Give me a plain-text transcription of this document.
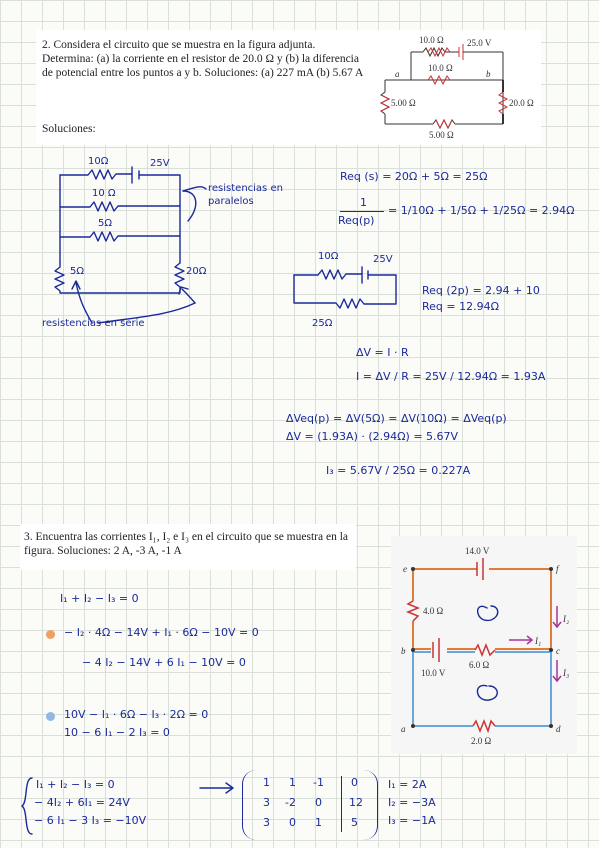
2. Considera el circuito que se muestra en la figura adjunta. Determina: (a) la corriente en el resistor de 20.0 Ω y (b) la diferencia de potencial entre los puntos a y b. Soluciones: (a) 227 mA (b) 5.67 A
Soluciones:
10.0 Ω	25.0 V
10.0 Ω
a	b
5.00 Ω
5.00 Ω
20.0 Ω
10Ω	25V
10 Ω
5Ω
5Ω	20Ω
resistencias en paralelos
resistencias en serie
Req (s) = 20Ω + 5Ω = 25Ω
1
Req(p)
= 1/10Ω + 1/5Ω + 1/25Ω = 2.94Ω
10Ω	25V
25Ω
Req (2p) = 2.94 + 10
Req = 12.94Ω
ΔV = I · R
I = ΔV / R = 25V / 12.94Ω = 1.93A
ΔVeq(p) = ΔV(5Ω) = ΔV(10Ω) = ΔVeq(p)
ΔV = (1.93A) · (2.94Ω) = 5.67V
I₃ = 5.67V / 25Ω = 0.227A
3. Encuentra las corrientes I₁, I₂ e I₃ en el circuito que se muestra en la figura. Soluciones: 2 A, -3 A, -1 A	14.0 V
4.0 Ω
6.0 Ω
10.0 V
2.0 Ω
e	f
b	c
a	d
I₁
I₂
I₃
I₁ + I₂ − I₃ = 0
− I₂ · 4Ω − 14V + I₁ · 6Ω − 10V = 0
− 4 I₂ − 14V + 6 I₁ − 10V = 0
10V − I₁ · 6Ω − I₃ · 2Ω = 0
10 − 6 I₁ − 2 I₃ = 0
I₁ + I₂ − I₃ = 0
− 4I₂ + 6I₁ = 24V
− 6 I₁ − 3 I₃ = −10V
1 1 -1 0
3 -2 0 12
3 0 1	5
I₁ = 2A
I₂ = −3A
I₃ = −1A
